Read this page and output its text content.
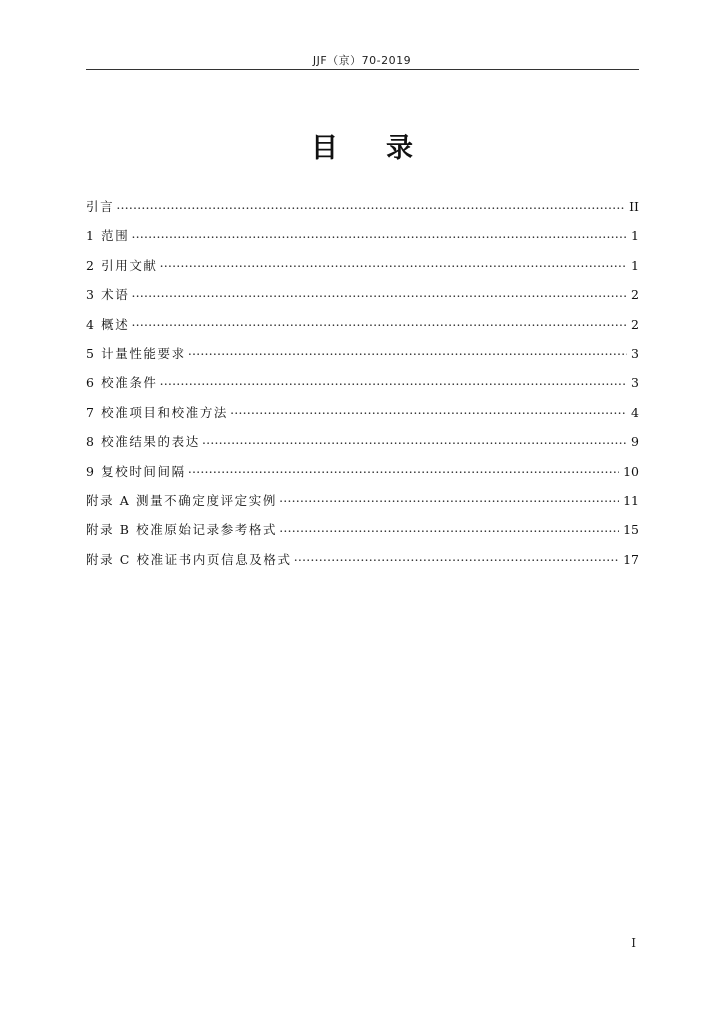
JJF（京）70-2019
目 录
引言 ……………………………………………………………………………………………………………………………………………………………………	II
1 范围 ……………………………………………………………………………………………………………………………………………………………………	1
2 引用文献 ……………………………………………………………………………………………………………………………………………………………………	1
3 术语 ……………………………………………………………………………………………………………………………………………………………………	2
4 概述 ……………………………………………………………………………………………………………………………………………………………………	2
5 计量性能要求 ……………………………………………………………………………………………………………………………………………………………………	3
6 校准条件 ……………………………………………………………………………………………………………………………………………………………………	3
7 校准项目和校准方法 ……………………………………………………………………………………………………………………………………………………………………	4
8 校准结果的表达 ……………………………………………………………………………………………………………………………………………………………………	9
9 复校时间间隔 ……………………………………………………………………………………………………………………………………………………………………	10
附录 A 测量不确定度评定实例 ……………………………………………………………………………………………………………………………………………………………………	11
附录 B 校准原始记录参考格式 ……………………………………………………………………………………………………………………………………………………………………	15
附录 C 校准证书内页信息及格式 ……………………………………………………………………………………………………………………………………………………………………	17
I
